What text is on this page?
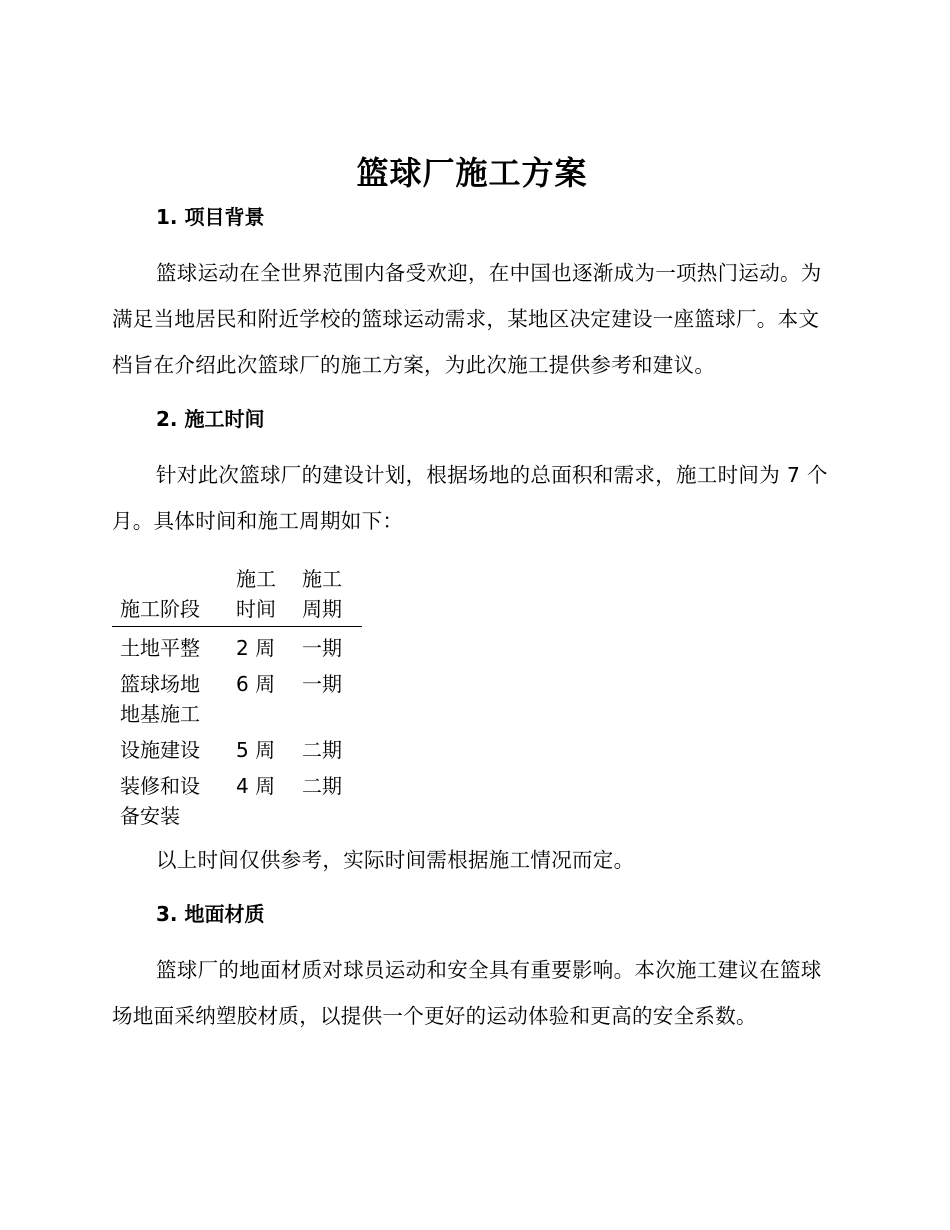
篮球厂施工方案
1. 项目背景

篮球运动在全世界范围内备受欢迎，在中国也逐渐成为一项热门运动。为满足当地居民和附近学校的篮球运动需求，某地区决定建设一座篮球厂。本文档旨在介绍此次篮球厂的施工方案，为此次施工提供参考和建议。

2. 施工时间

针对此次篮球厂的建设计划，根据场地的总面积和需求，施工时间为 7 个月。具体时间和施工周期如下：

施工阶段	施工时间	施工周期
土地平整	2 周	一期
篮球场地地基施工	6 周	一期
设施建设	5 周	二期
装修和设备安装	4 周	二期

以上时间仅供参考，实际时间需根据施工情况而定。

3. 地面材质

篮球厂的地面材质对球员运动和安全具有重要影响。本次施工建议在篮球场地面采纳塑胶材质，以提供一个更好的运动体验和更高的安全系数。
